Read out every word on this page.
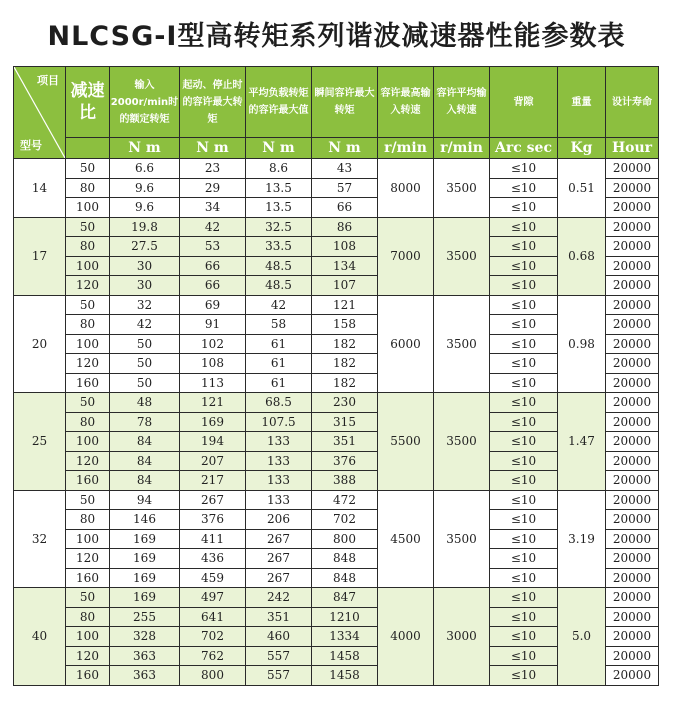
NLCSG-I型高转矩系列谐波减速器性能参数表
项目
型号	减速比	输入2000r/min时的额定转矩	起动、停止时的容许最大转矩	平均负载转矩的容许最大值	瞬间容许最大转矩	容许最高输入转速	容许平均输入转速	背隙	重量	设计寿命
		N m	N m	N m	N m	r/min	r/min	Arc sec	Kg	Hour
14	50	6.6	23	8.6	43	8000	3500	≤10	0.51	20000
	80	9.6	29	13.5	57			≤10		20000
	100	9.6	34	13.5	66			≤10		20000
17	50	19.8	42	32.5	86	7000	3500	≤10	0.68	20000
	80	27.5	53	33.5	108			≤10		20000
	100	30	66	48.5	134			≤10		20000
	120	30	66	48.5	107			≤10		20000
20	50	32	69	42	121	6000	3500	≤10	0.98	20000
	80	42	91	58	158			≤10		20000
	100	50	102	61	182			≤10		20000
	120	50	108	61	182			≤10		20000
	160	50	113	61	182			≤10		20000
25	50	48	121	68.5	230	5500	3500	≤10	1.47	20000
	80	78	169	107.5	315			≤10		20000
	100	84	194	133	351			≤10		20000
	120	84	207	133	376			≤10		20000
	160	84	217	133	388			≤10		20000
32	50	94	267	133	472	4500	3500	≤10	3.19	20000
	80	146	376	206	702			≤10		20000
	100	169	411	267	800			≤10		20000
	120	169	436	267	848			≤10		20000
	160	169	459	267	848			≤10		20000
40	50	169	497	242	847	4000	3000	≤10	5.0	20000
	80	255	641	351	1210			≤10		20000
	100	328	702	460	1334			≤10		20000
	120	363	762	557	1458			≤10		20000
	160	363	800	557	1458			≤10		20000
